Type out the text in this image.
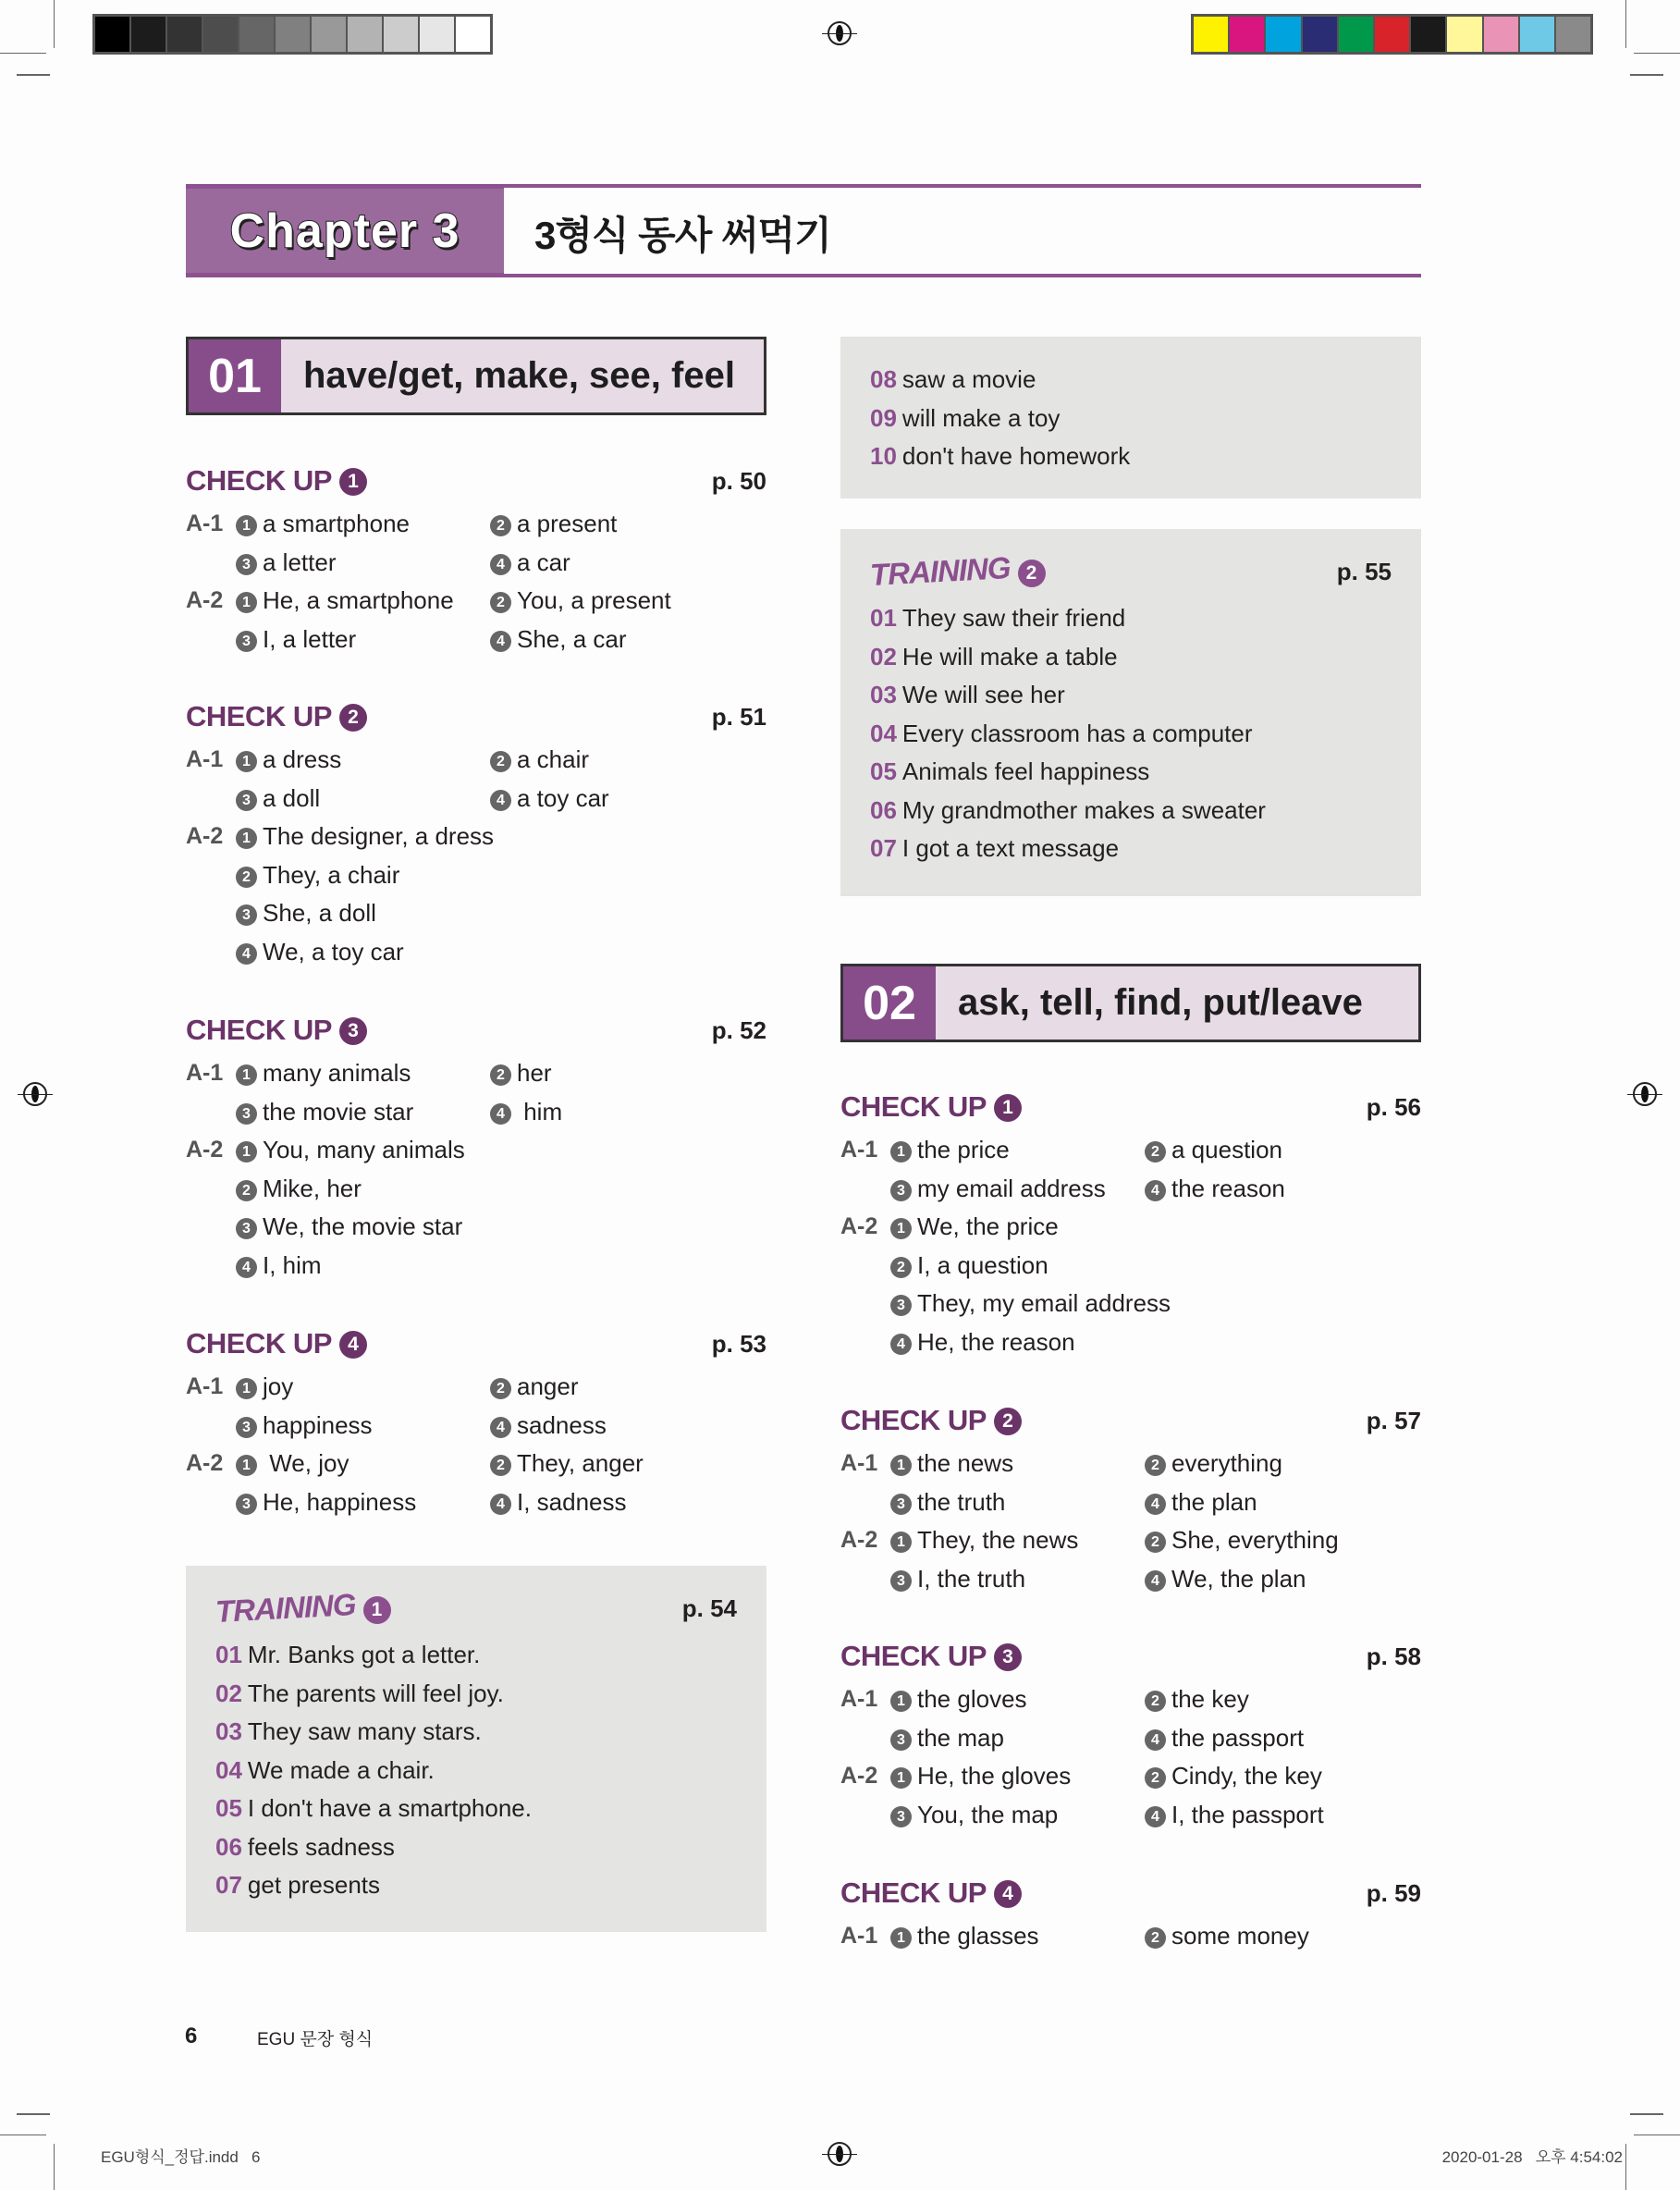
EGU형식_정답.indd   6	2020-01-28   오후 4:54:02
Chapter 3 3형식 동사 써먹기
01	have/get, make, see, feel
02	ask, tell, find, put/leave
CHECK UP 1	p. 50
A-1	1 a smartphone	2 a present
3 a letter	4 a car
A-2	1 He, a smartphone	2 You, a present
3 I, a letter	4 She, a car
CHECK UP 2	p. 51
A-1	1 a dress	2 a chair
3 a doll	4 a toy car
A-2	1 The designer, a dress
2 They, a chair
3 She, a doll
4 We, a toy car
CHECK UP 3	p. 52
A-1	1 many animals	2 her
3 the movie star	4 him
A-2	1 You, many animals
2 Mike, her
3 We, the movie star
4 I, him
CHECK UP 4	p. 53
A-1	1 joy	2 anger
3 happiness	4 sadness
A-2	1 We, joy	2 They, anger
3 He, happiness	4 I, sadness
CHECK UP 1	p. 56
A-1	1 the price	2 a question
3 my email address	4 the reason
A-2	1 We, the price
2 I, a question
3 They, my email address
4 He, the reason
CHECK UP 2	p. 57
A-1	1 the news	2 everything
3 the truth	4 the plan
A-2	1 They, the news	2 She, everything
3 I, the truth	4 We, the plan
CHECK UP 3	p. 58
A-1	1 the gloves	2 the key
3 the map	4 the passport
A-2	1 He, the gloves	2 Cindy, the key
3 You, the map	4 I, the passport
CHECK UP 4	p. 59
A-1	1 the glasses	2 some money
TRAINING 1	p. 54
01 Mr. Banks got a letter.
02 The parents will feel joy.
03 They saw many stars.
04 We made a chair.
05 I don't have a smartphone.
06 feels sadness
07 get presents
TRAINING 2	p. 55
01 They saw their friend
02 He will make a table
03 We will see her
04 Every classroom has a computer
05 Animals feel happiness
06 My grandmother makes a sweater
07 I got a text message
08 saw a movie
09 will make a toy
10 don't have homework
6	EGU 문장 형식
